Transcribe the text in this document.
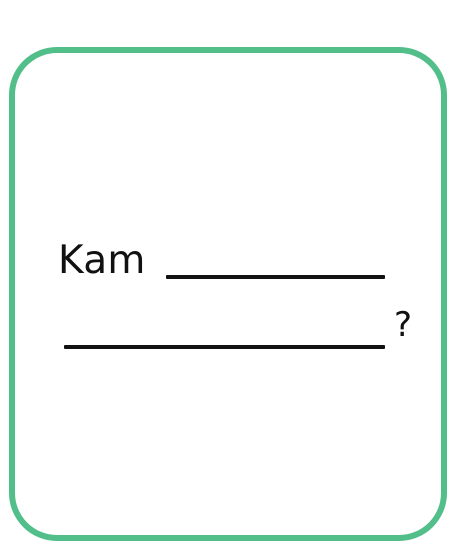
Kam
?
